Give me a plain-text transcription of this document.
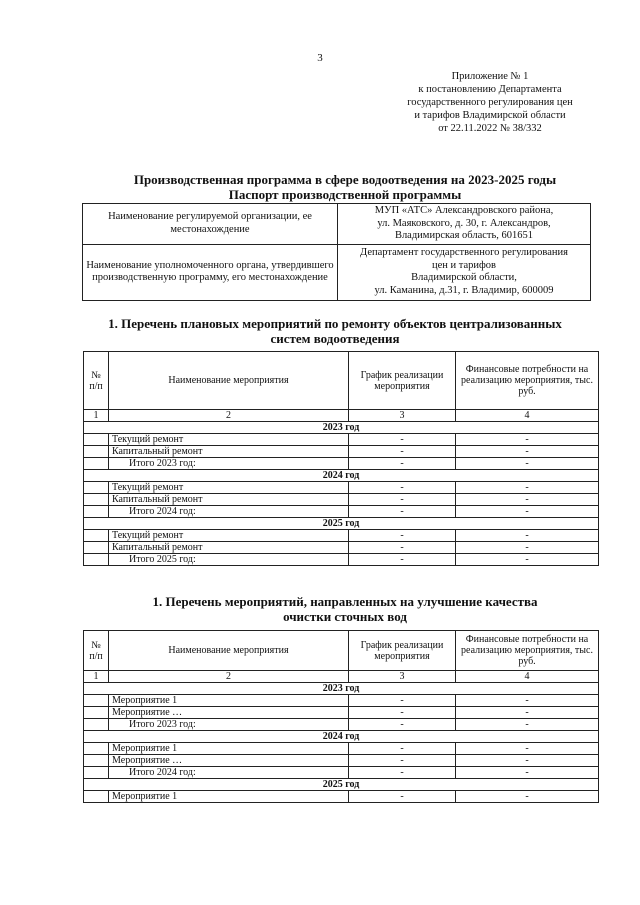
3
Приложение № 1
к постановлению Департамента
государственного регулирования цен
и тарифов Владимирской области
от 22.11.2022 № 38/332
Производственная программа в сфере водоотведения на 2023-2025 годы
Паспорт производственной программы
Наименование регулируемой организации, ее местонахождение	МУП «АТС» Александровского района,
ул. Маяковского, д. 30, г. Александров,
Владимирская область, 601651

Наименование уполномоченного органа, утвердившего производственную программу, его местонахождение	Департамент государственного регулирования
цен и тарифов
Владимирской области,
ул. Каманина, д.31, г. Владимир, 600009
1. Перечень плановых мероприятий по ремонту объектов централизованных
систем водоотведения
№ п/п	Наименование мероприятия	График реализации мероприятия	Финансовые потребности на реализацию мероприятия, тыс. руб.
1	2	3	4
2023 год			
	Текущий ремонт	-	-
	Капитальный ремонт	-	-
	Итого 2023 год:	-	-
2024 год			
	Текущий ремонт	-	-
	Капитальный ремонт	-	-
	Итого 2024 год:	-	-
2025 год			
	Текущий ремонт	-	-
	Капитальный ремонт	-	-
	Итого 2025 год:	-	-
1. Перечень мероприятий, направленных на улучшение качества
очистки сточных вод
№ п/п	Наименование мероприятия	График реализации мероприятия	Финансовые потребности на реализацию мероприятия, тыс. руб.
1	2	3	4
2023 год			
	Мероприятие 1	-	-
	Мероприятие …	-	-
	Итого 2023 год:	-	-
2024 год			
	Мероприятие 1	-	-
	Мероприятие …	-	-
	Итого 2024 год:	-	-
2025 год			
	Мероприятие 1	-	-
